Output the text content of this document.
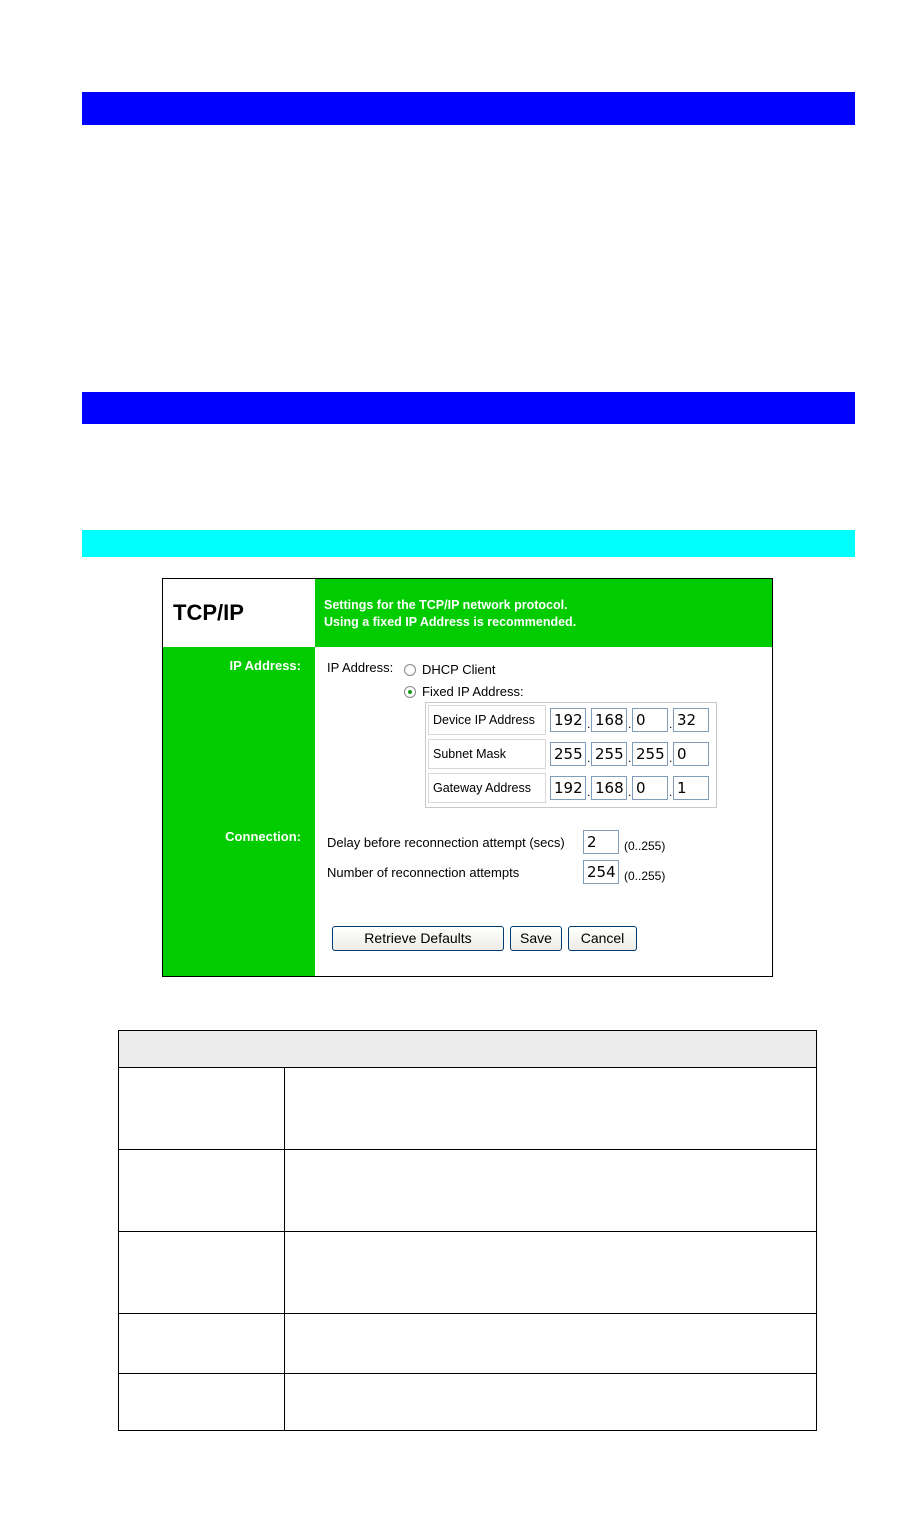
TCP/IP	Settings for the TCP/IP network protocol.
Using a fixed IP Address is recommended.
IP Address:
Connection:
IP Address:	DHCP Client
Fixed IP Address:
Device IP Address	192 . 168 . 0	. 32
Subnet Mask	255 . 255 . 255 . 0
Gateway Address	192 . 168 . 0	. 1
Delay before reconnection attempt (secs) 2	(0..255)
Number of reconnection attempts	254 (0..255)
Retrieve Defaults	Save	Cancel
